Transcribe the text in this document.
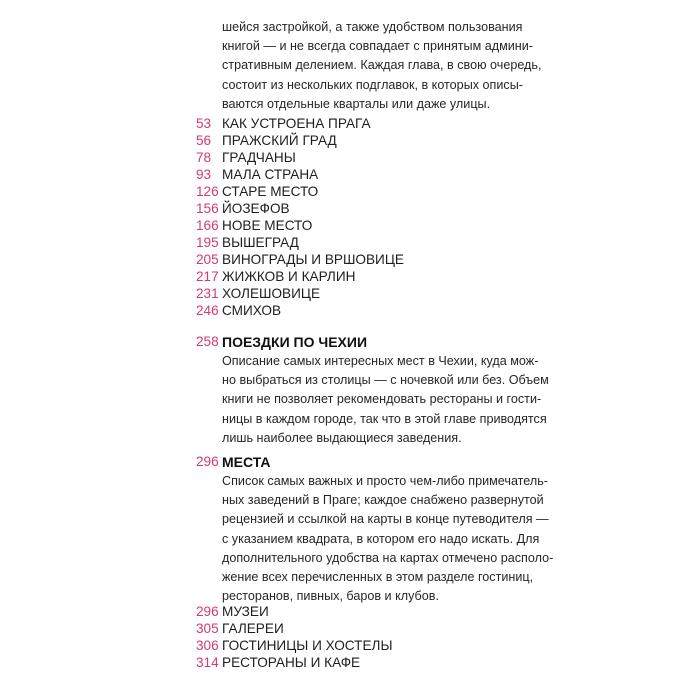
шейся застройкой, а также удобством пользования
книгой — и не всегда совпадает с принятым админи-
стративным делением. Каждая глава, в свою очередь,
состоит из нескольких подглавок, в которых описы-
ваются отдельные кварталы или даже улицы.

53 КАК УСТРОЕНА ПРАГА
56 ПРАЖСКИЙ ГРАД
78 ГРАДЧАНЫ
93 МАЛА СТРАНА
126 СТАРЕ МЕСТО
156 ЙОЗЕФОВ
166 НОВЕ МЕСТО
195 ВЫШЕГРАД
205 ВИНОГРАДЫ И ВРШОВИЦЕ
217 ЖИЖКОВ И КАРЛИН
231 ХОЛЕШОВИЦЕ
246 СМИХОВ
258 ПОЕЗДКИ ПО ЧЕХИИ

Описание самых интересных мест в Чехии, куда мож-
но выбраться из столицы — с ночевкой или без. Объем
книги не позволяет рекомендовать рестораны и гости-
ницы в каждом городе, так что в этой главе приводятся
лишь наиболее выдающиеся заведения.

296 МЕСТА

Список самых важных и просто чем-либо примечатель-
ных заведений в Праге; каждое снабжено развернутой
рецензией и ссылкой на карты в конце путеводителя —
с указанием квадрата, в котором его надо искать. Для
дополнительного удобства на картах отмечено располо-
жение всех перечисленных в этом разделе гостиниц,
ресторанов, пивных, баров и клубов.

296 МУЗЕИ
305 ГАЛЕРЕИ
306 ГОСТИНИЦЫ И ХОСТЕЛЫ
314 РЕСТОРАНЫ И КАФЕ
